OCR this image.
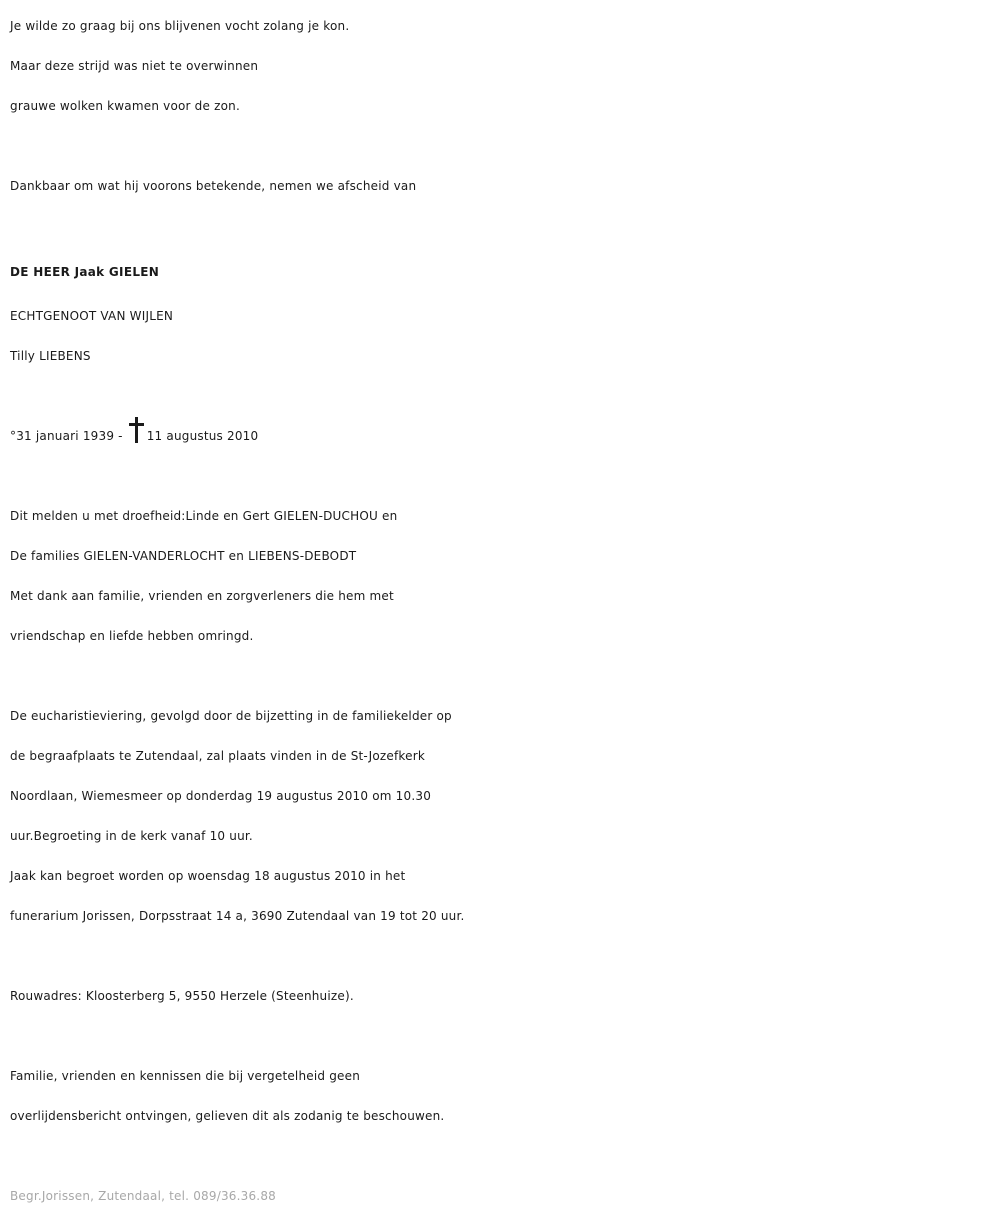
Je wilde zo graag bij ons blijvenen vocht zolang je kon.
Maar deze strijd was niet te overwinnen
grauwe wolken kwamen voor de zon.
Dankbaar om wat hij voorons betekende, nemen we afscheid van
DE HEER Jaak GIELEN
ECHTGENOOT VAN WIJLEN
Tilly LIEBENS
°31 januari 1939 - 11 augustus 2010
Dit melden u met droefheid:Linde en Gert GIELEN-DUCHOU en
De families GIELEN-VANDERLOCHT en LIEBENS-DEBODT
Met dank aan familie, vrienden en zorgverleners die hem met
vriendschap en liefde hebben omringd.
De eucharistieviering, gevolgd door de bijzetting in de familiekelder op
de begraafplaats te Zutendaal, zal plaats vinden in de St-Jozefkerk
Noordlaan, Wiemesmeer op donderdag 19 augustus 2010 om 10.30
uur.Begroeting in de kerk vanaf 10 uur.
Jaak kan begroet worden op woensdag 18 augustus 2010 in het
funerarium Jorissen, Dorpsstraat 14 a, 3690 Zutendaal van 19 tot 20 uur.
Rouwadres: Kloosterberg 5, 9550 Herzele (Steenhuize).
Familie, vrienden en kennissen die bij vergetelheid geen
overlijdensbericht ontvingen, gelieven dit als zodanig te beschouwen.
Begr.Jorissen, Zutendaal, tel. 089/36.36.88
